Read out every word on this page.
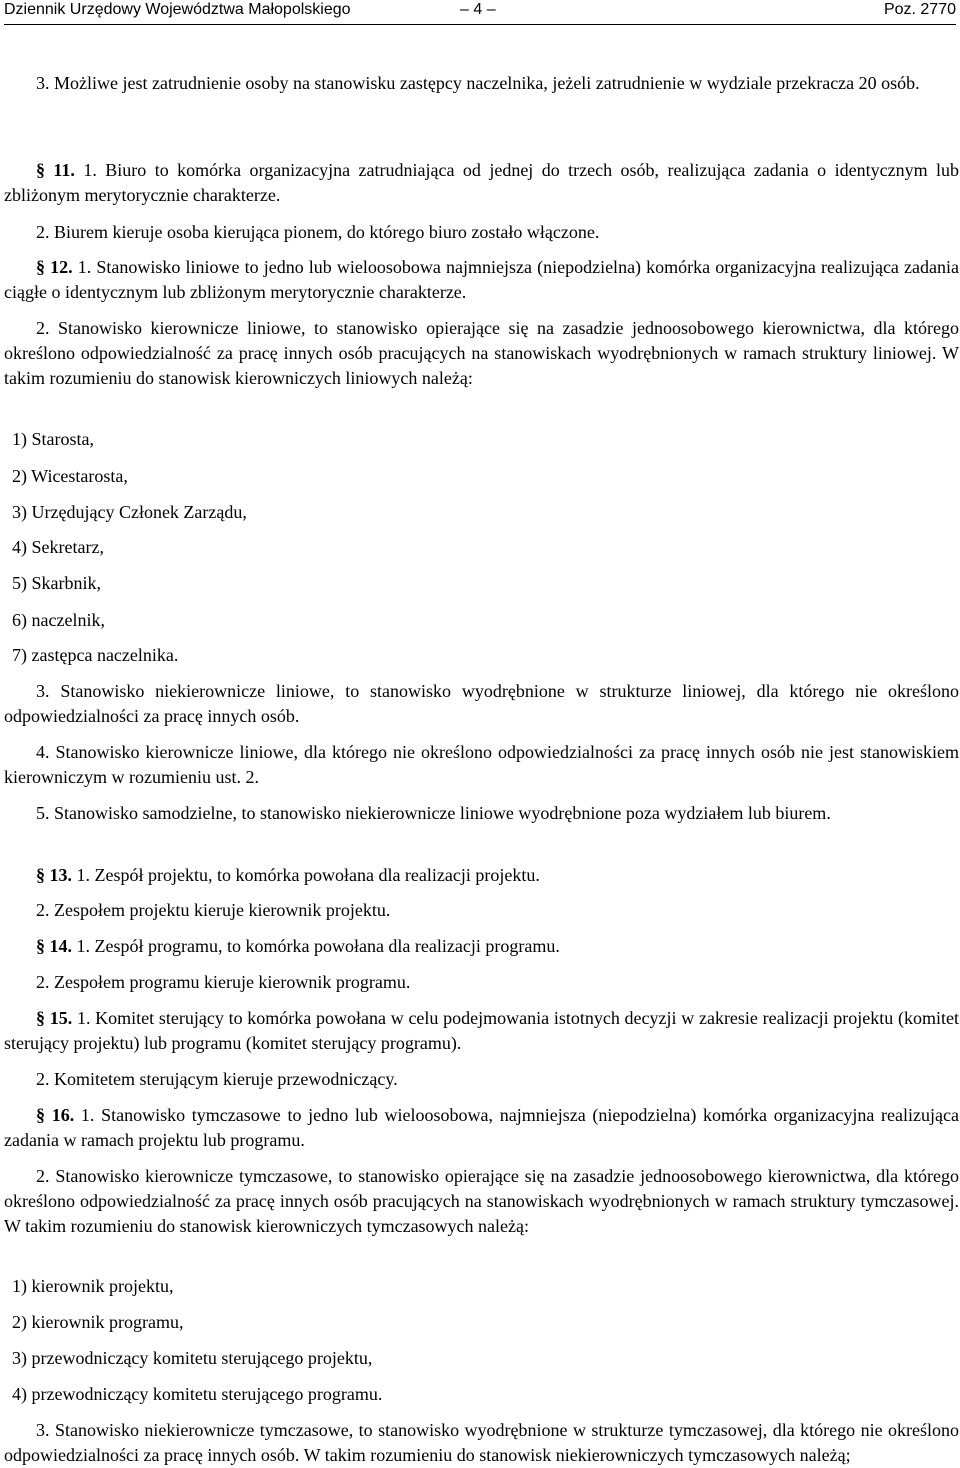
Dziennik Urzędowy Województwa Małopolskiego	– 4 –	Poz. 2770

3. Możliwe jest zatrudnienie osoby na stanowisku zastępcy naczelnika, jeżeli zatrudnienie w wydziale przekracza 20 osób.

§ 11. 1. Biuro to komórka organizacyjna zatrudniająca od jednej do trzech osób, realizująca zadania o identycznym lub zbliżonym merytorycznie charakterze.

2. Biurem kieruje osoba kierująca pionem, do którego biuro zostało włączone.

§ 12. 1. Stanowisko liniowe to jedno lub wieloosobowa najmniejsza (niepodzielna) komórka organizacyjna realizująca zadania ciągłe o identycznym lub zbliżonym merytorycznie charakterze.

2. Stanowisko kierownicze liniowe, to stanowisko opierające się na zasadzie jednoosobowego kierownictwa, dla którego określono odpowiedzialność za pracę innych osób pracujących na stanowiskach wyodrębnionych w ramach struktury liniowej. W takim rozumieniu do stanowisk kierowniczych liniowych należą:

1) Starosta,

2) Wicestarosta,

3) Urzędujący Członek Zarządu,

4) Sekretarz,

5) Skarbnik,

6) naczelnik,

7) zastępca naczelnika.

3. Stanowisko niekierownicze liniowe, to stanowisko wyodrębnione w strukturze liniowej, dla którego nie określono odpowiedzialności za pracę innych osób.

4. Stanowisko kierownicze liniowe, dla którego nie określono odpowiedzialności za pracę innych osób nie jest stanowiskiem kierowniczym w rozumieniu ust. 2.

5. Stanowisko samodzielne, to stanowisko niekierownicze liniowe wyodrębnione poza wydziałem lub biurem.

§ 13. 1. Zespół projektu, to komórka powołana dla realizacji projektu.

2. Zespołem projektu kieruje kierownik projektu.

§ 14. 1. Zespół programu, to komórka powołana dla realizacji programu.

2. Zespołem programu kieruje kierownik programu.

§ 15. 1. Komitet sterujący to komórka powołana w celu podejmowania istotnych decyzji w zakresie realizacji projektu (komitet sterujący projektu) lub programu (komitet sterujący programu).

2. Komitetem sterującym kieruje przewodniczący.

§ 16. 1. Stanowisko tymczasowe to jedno lub wieloosobowa, najmniejsza (niepodzielna) komórka organizacyjna realizująca zadania w ramach projektu lub programu.

2. Stanowisko kierownicze tymczasowe, to stanowisko opierające się na zasadzie jednoosobowego kierownictwa, dla którego określono odpowiedzialność za pracę innych osób pracujących na stanowiskach wyodrębnionych w ramach struktury tymczasowej. W takim rozumieniu do stanowisk kierowniczych tymczasowych należą:

1) kierownik projektu,

2) kierownik programu,

3) przewodniczący komitetu sterującego projektu,

4) przewodniczący komitetu sterującego programu.

3. Stanowisko niekierownicze tymczasowe, to stanowisko wyodrębnione w strukturze tymczasowej, dla którego nie określono odpowiedzialności za pracę innych osób. W takim rozumieniu do stanowisk niekierowniczych tymczasowych należą;
